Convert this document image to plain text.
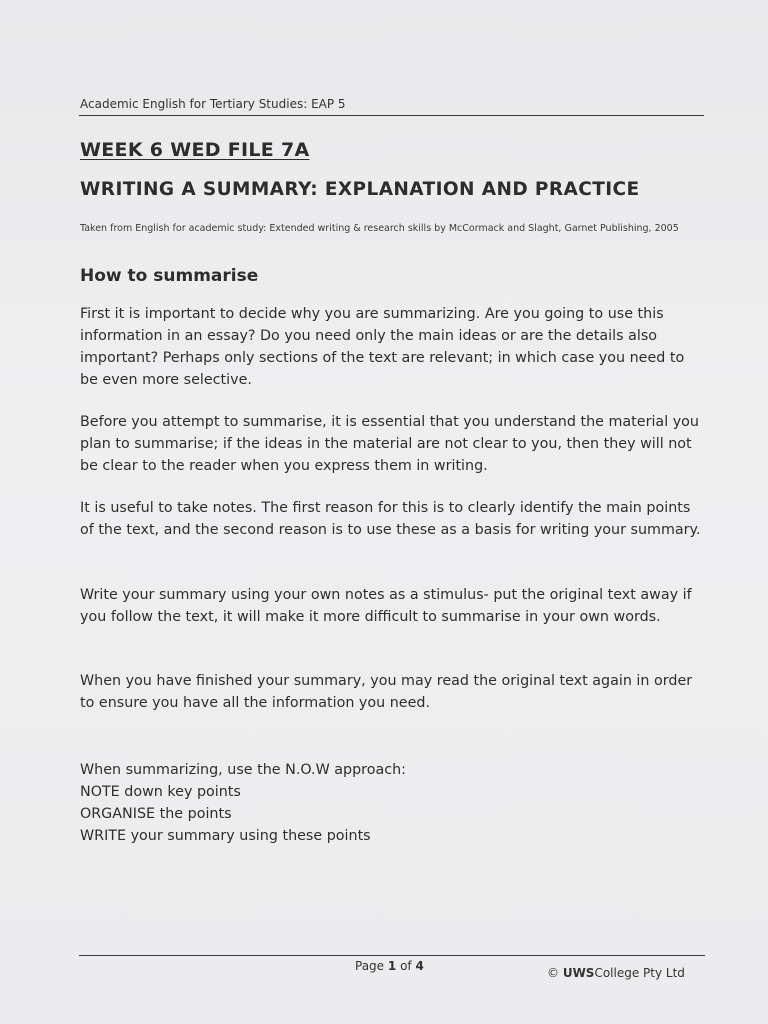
Academic English for Tertiary Studies: EAP 5
WEEK 6 WED FILE 7A
WRITING A SUMMARY: EXPLANATION AND PRACTICE
Taken from English for academic study: Extended writing & research skills by McCormack and Slaght, Garnet Publishing, 2005
How to summarise
First it is important to decide why you are summarizing. Are you going to use this information in an essay? Do you need only the main ideas or are the details also important? Perhaps only sections of the text are relevant; in which case you need to be even more selective.
Before you attempt to summarise, it is essential that you understand the material you plan to summarise; if the ideas in the material are not clear to you, then they will not be clear to the reader when you express them in writing.
It is useful to take notes. The first reason for this is to clearly identify the main points of the text, and the second reason is to use these as a basis for writing your summary.
Write your summary using your own notes as a stimulus- put the original text away if you follow the text, it will make it more difficult to summarise in your own words.
When you have finished your summary, you may read the original text again in order to ensure you have all the information you need.
When summarizing, use the N.O.W approach:
NOTE down key points
ORGANISE the points
WRITE your summary using these points
Page 1 of 4	© UWSCollege Pty Ltd
